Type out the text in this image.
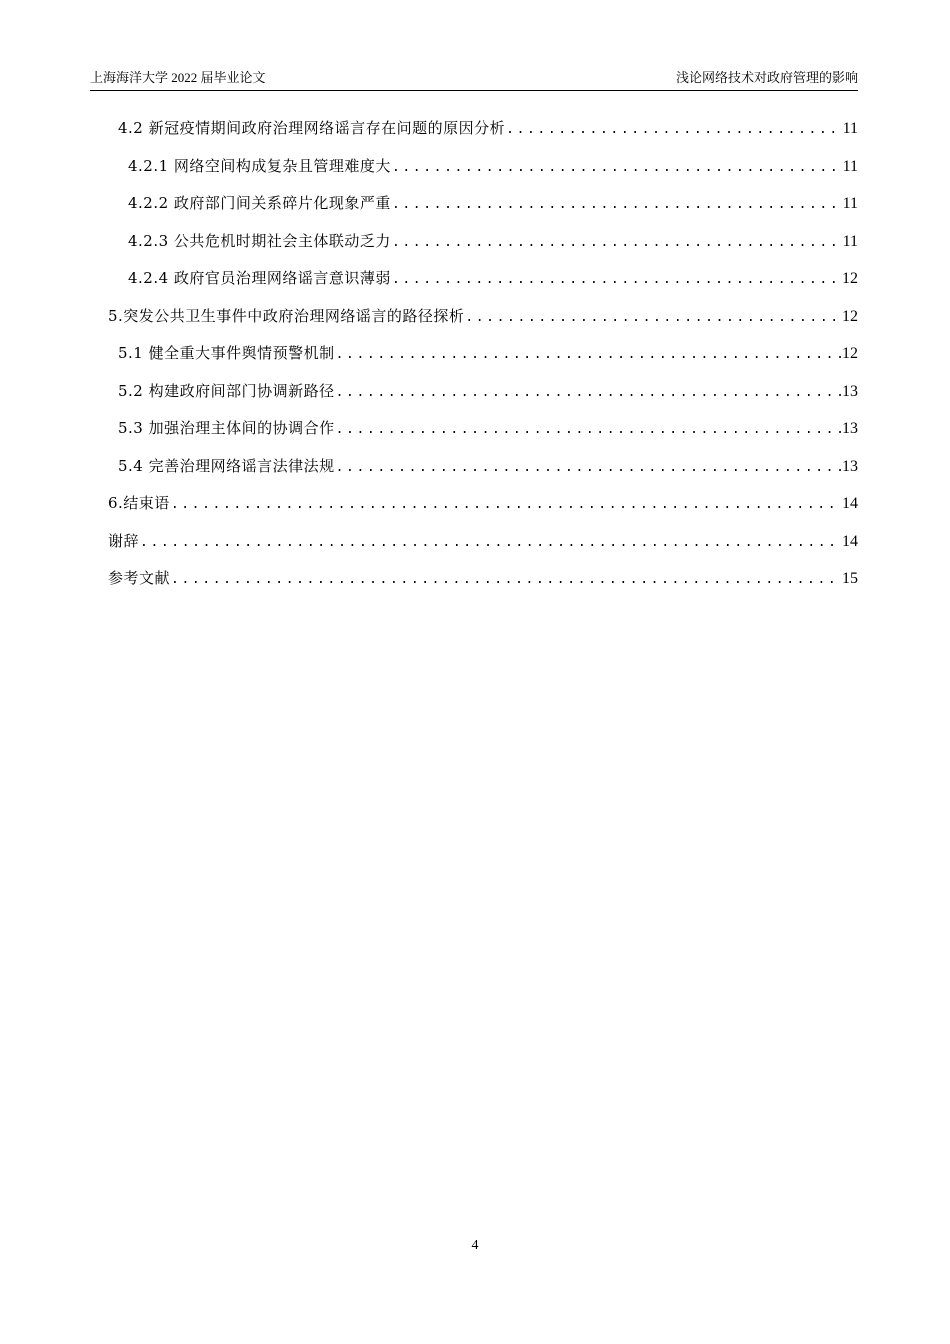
上海海洋大学 2022 届毕业论文	浅论网络技术对政府管理的影响
4.2 新冠疫情期间政府治理网络谣言存在问题的原因分析 .....	11
4.2.1 网络空间构成复杂且管理难度大 .....	11
4.2.2 政府部门间关系碎片化现象严重 .....	11
4.2.3 公共危机时期社会主体联动乏力 .....	11
4.2.4 政府官员治理网络谣言意识薄弱 .....	12
5.突发公共卫生事件中政府治理网络谣言的路径探析 .....	12
5.1 健全重大事件舆情预警机制 .....	12
5.2 构建政府间部门协调新路径 .....	13
5.3 加强治理主体间的协调合作 .....	13
5.4 完善治理网络谣言法律法规 .....	13
6.结束语 .....	14
谢辞 .....	14
参考文献 .....	15
4
